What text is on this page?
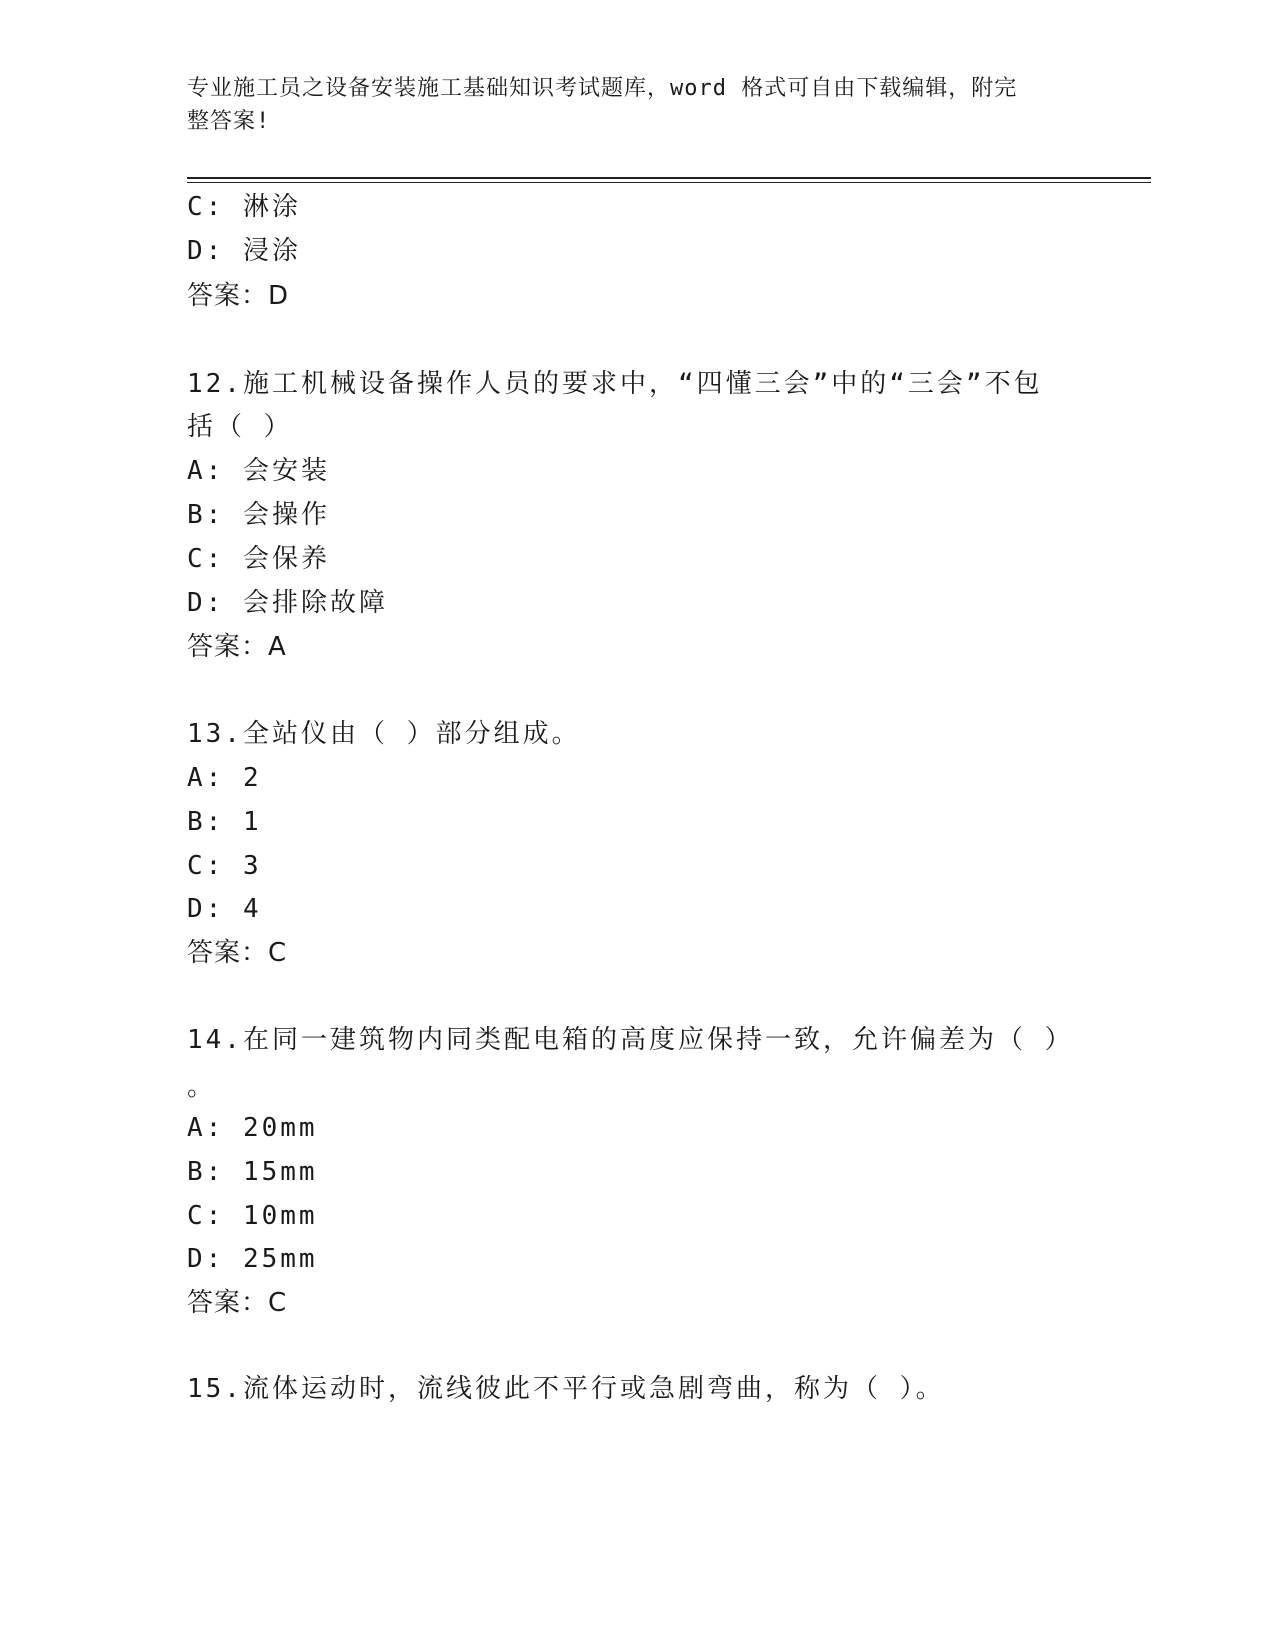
专业施工员之设备安装施工基础知识考试题库，word 格式可自由下载编辑，附完
整答案!
C: 淋涂
D: 浸涂
答案：D
12.施工机械设备操作人员的要求中，“四懂三会”中的“三会”不包
括（ ）
A: 会安装
B: 会操作
C: 会保养
D: 会排除故障
答案：A
13.全站仪由（ ）部分组成。
A: 2
B: 1
C: 3
D: 4
答案：C
14.在同一建筑物内同类配电箱的高度应保持一致，允许偏差为（ ）
。
A: 20mm
B: 15mm
C: 10mm
D: 25mm
答案：C
15.流体运动时，流线彼此不平行或急剧弯曲，称为（ ）。
